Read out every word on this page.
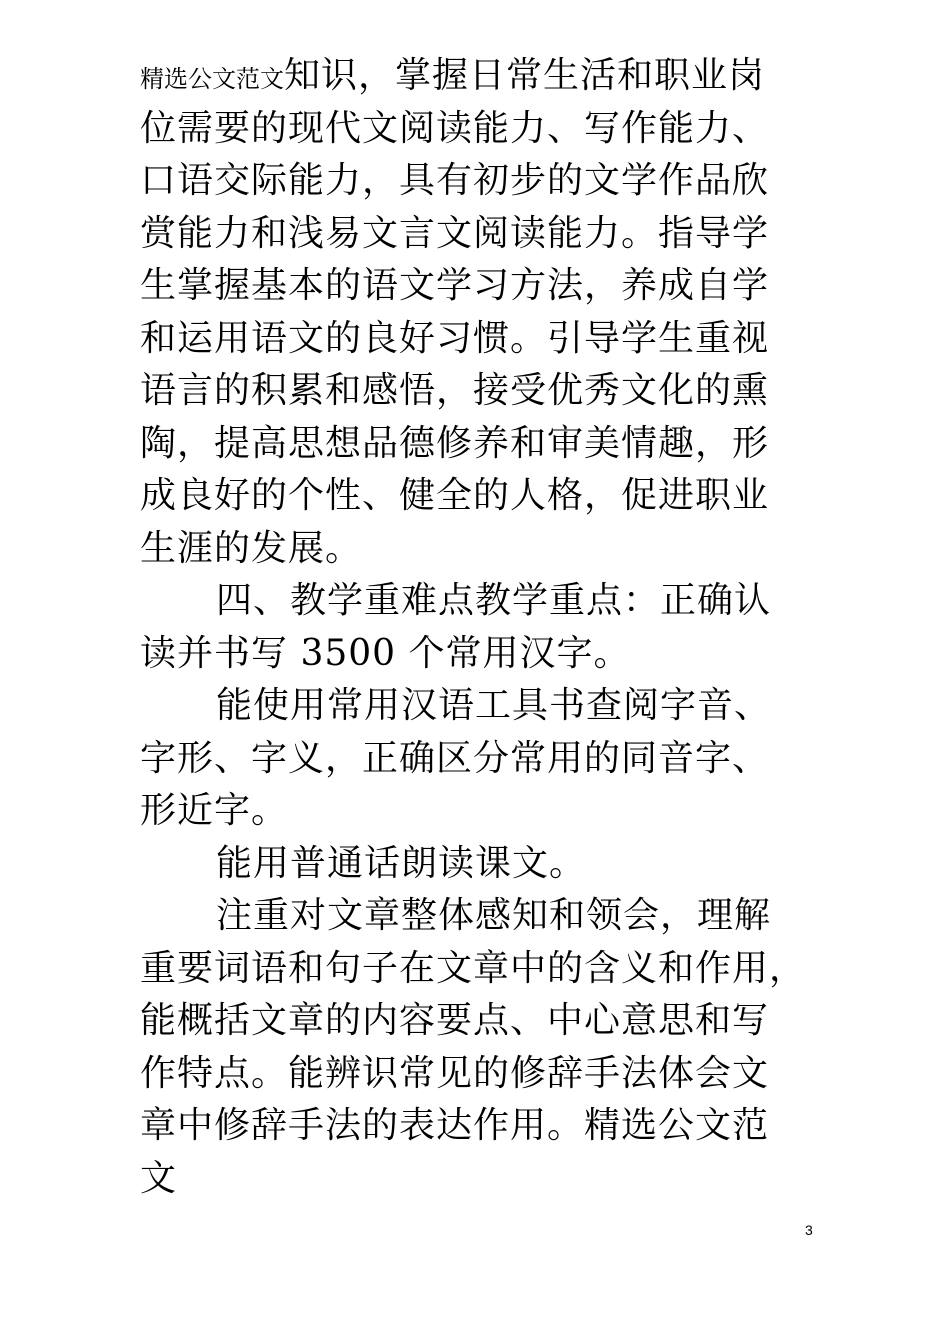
精选公文范文知识，掌握日常生活和职业岗
位需要的现代文阅读能力、写作能力、
口语交际能力，具有初步的文学作品欣
赏能力和浅易文言文阅读能力。指导学
生掌握基本的语文学习方法，养成自学
和运用语文的良好习惯。引导学生重视
语言的积累和感悟，接受优秀文化的熏
陶，提高思想品德修养和审美情趣，形
成良好的个性、健全的人格，促进职业
生涯的发展。
四、教学重难点教学重点：正确认
读并书写 3500 个常用汉字。
能使用常用汉语工具书查阅字音、
字形、字义，正确区分常用的同音字、
形近字。
能用普通话朗读课文。
注重对文章整体感知和领会，理解
重要词语和句子在文章中的含义和作用，
能概括文章的内容要点、中心意思和写
作特点。能辨识常见的修辞手法体会文
章中修辞手法的表达作用。精选公文范
文
3
